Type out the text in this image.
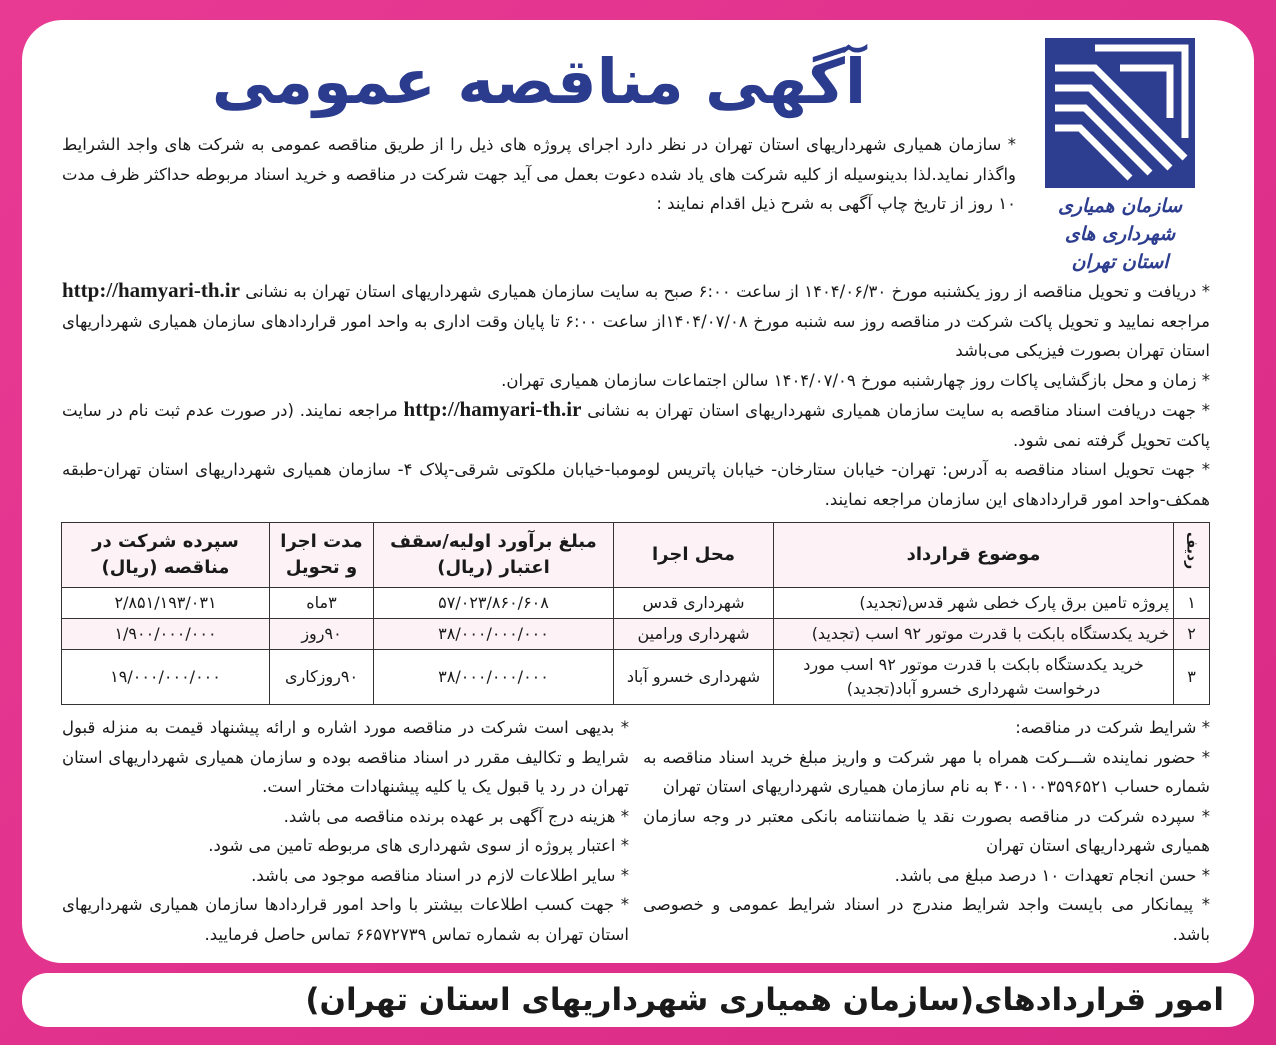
سازمان همیاری شهرداری های
استان تهران
آگهی مناقصه عمومی
* سازمان همیاری شهرداریهای استان تهران در نظر دارد اجرای پروژه های ذیل را از طریق مناقصه عمومی به شرکت های واجد الشرایط واگذار نماید.لذا بدینوسیله از کلیه شرکت های یاد شده دعوت بعمل می آید جهت شرکت در مناقصه و خرید اسناد مربوطه حداکثر ظرف مدت ۱۰ روز از تاریخ چاپ آگهی به شرح ذیل اقدام نمایند :
* دریافت و تحویل مناقصه از روز یکشنبه مورخ ۱۴۰۴/۰۶/۳۰ از ساعت ۶:۰۰ صبح به سایت سازمان همیاری شهرداریهای استان تهران به نشانی http://hamyari-th.ir مراجعه نمایید و تحویل پاکت شرکت در مناقصه روز سه شنبه مورخ ۱۴۰۴/۰۷/۰۸از ساعت ۶:۰۰ تا پایان وقت اداری به واحد امور قراردادهای سازمان همیاری شهرداریهای استان تهران بصورت فیزیکی می‌باشد
* زمان و محل بازگشایی پاکات روز چهارشنبه مورخ ۱۴۰۴/۰۷/۰۹ سالن اجتماعات سازمان همیاری تهران.
* جهت دریافت اسناد مناقصه به سایت سازمان همیاری شهرداریهای استان تهران به نشانی http://hamyari-th.ir مراجعه نمایند. (در صورت عدم ثبت نام در سایت پاکت تحویل گرفته نمی شود.
* جهت تحویل اسناد مناقصه به آدرس: تهران- خیابان ستارخان- خیابان پاتریس لومومبا-خیابان ملکوتی شرقی-پلاک ۴- سازمان همیاری شهرداریهای استان تهران-طبقه همکف-واحد امور قراردادهای این سازمان مراجعه نمایند.
ردیف	موضوع قرارداد	محل اجرا	مبلغ برآورد اولیه/سقف اعتبار (ریال)	مدت اجرا و تحویل	سپرده شرکت در مناقصه (ریال)
۱	پروژه تامین برق پارک خطی شهر قدس(تجدید)	شهرداری قدس	۵۷/۰۲۳/۸۶۰/۶۰۸	۳ماه	۲/۸۵۱/۱۹۳/۰۳۱
۲	خرید یکدستگاه بابکت با قدرت موتور ۹۲ اسب (تجدید)	شهرداری ورامین	۳۸/۰۰۰/۰۰۰/۰۰۰	۹۰روز	۱/۹۰۰/۰۰۰/۰۰۰
۳	خرید یکدستگاه بابکت با قدرت موتور ۹۲ اسب مورد درخواست شهرداری خسرو آباد(تجدید)	شهرداری خسرو آباد	۳۸/۰۰۰/۰۰۰/۰۰۰	۹۰روزکاری	۱۹/۰۰۰/۰۰۰/۰۰۰
* شرایط شرکت در مناقصه:
* حضور نماینده شـــرکت همراه با مهر شرکت و واریز مبلغ خرید اسناد مناقصه به شماره حساب ۴۰۰۱۰۰۳۵۹۶۵۲۱ به نام سازمان همیاری شهرداریهای استان تهران
* سپرده شرکت در مناقصه بصورت نقد یا ضمانتنامه بانکی معتبر در وجه سازمان همیاری شهرداریهای استان تهران
* حسن انجام تعهدات ۱۰ درصد مبلغ می باشد.
* پیمانکار می بایست واجد شرایط مندرج در اسناد شرایط عمومی و خصوصی باشد.
* بدیهی است شرکت در مناقصه مورد اشاره و ارائه پیشنهاد قیمت به منزله قبول شرایط و تکالیف مقرر در اسناد مناقصه بوده و سازمان همیاری شهرداریهای استان تهران در رد یا قبول یک یا کلیه پیشنهادات مختار است.
* هزینه درج آگهی بر عهده برنده مناقصه می باشد.
* اعتبار پروژه از سوی شهرداری های مربوطه تامین می شود.
* سایر اطلاعات لازم در اسناد مناقصه موجود می باشد.
* جهت کسب اطلاعات بیشتر با واحد امور قراردادها سازمان همیاری شهرداریهای استان تهران به شماره تماس ۶۶۵۷۲۷۳۹ تماس حاصل فرمایید.
امور قراردادهای(سازمان همیاری شهرداریهای استان تهران)
